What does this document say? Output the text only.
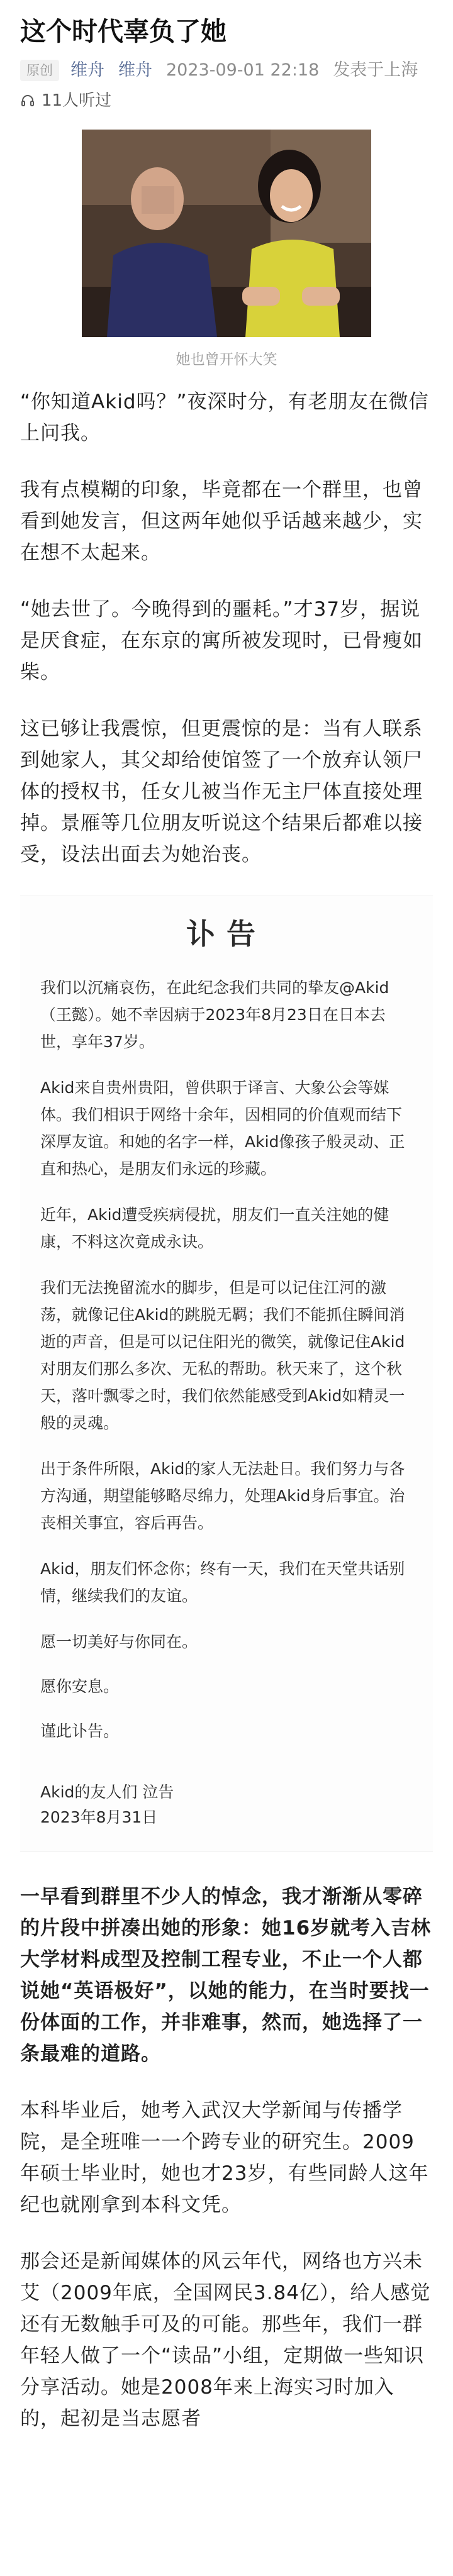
这个时代辜负了她
原创	维舟 维舟 2023-09-01 22:18 发表于上海
11人听过
她也曾开怀大笑

“你知道Akid吗？”夜深时分，有老朋友在微信上问我。

我有点模糊的印象，毕竟都在一个群里，也曾看到她发言，但这两年她似乎话越来越少，实在想不太起来。

“她去世了。今晚得到的噩耗。”才37岁，据说是厌食症，在东京的寓所被发现时，已骨瘦如柴。

这已够让我震惊，但更震惊的是：当有人联系到她家人，其父却给使馆签了一个放弃认领尸体的授权书，任女儿被当作无主尸体直接处理掉。景雁等几位朋友听说这个结果后都难以接受，设法出面去为她治丧。

讣告

我们以沉痛哀伤，在此纪念我们共同的挚友@Akid（王懿）。她不幸因病于2023年8月23日在日本去世，享年37岁。

Akid来自贵州贵阳，曾供职于译言、大象公会等媒体。我们相识于网络十余年，因相同的价值观而结下深厚友谊。和她的名字一样，Akid像孩子般灵动、正直和热心，是朋友们永远的珍藏。

近年，Akid遭受疾病侵扰，朋友们一直关注她的健康，不料这次竟成永诀。

我们无法挽留流水的脚步，但是可以记住江河的激荡，就像记住Akid的跳脱无羁；我们不能抓住瞬间消逝的声音，但是可以记住阳光的微笑，就像记住Akid对朋友们那么多次、无私的帮助。秋天来了，这个秋天，落叶飘零之时，我们依然能感受到Akid如精灵一般的灵魂。

出于条件所限，Akid的家人无法赴日。我们努力与各方沟通，期望能够略尽绵力，处理Akid身后事宜。治丧相关事宜，容后再告。

Akid，朋友们怀念你；终有一天，我们在天堂共话别情，继续我们的友谊。

愿一切美好与你同在。

愿你安息。

谨此讣告。

Akid的友人们 泣告
2023年8月31日

一早看到群里不少人的悼念，我才渐渐从零碎的片段中拼凑出她的形象：她16岁就考入吉林大学材料成型及控制工程专业，不止一个人都说她“英语极好”，以她的能力，在当时要找一份体面的工作，并非难事，然而，她选择了一条最难的道路。

本科毕业后，她考入武汉大学新闻与传播学院，是全班唯一一个跨专业的研究生。2009年硕士毕业时，她也才23岁，有些同龄人这年纪也就刚拿到本科文凭。

那会还是新闻媒体的风云年代，网络也方兴未艾（2009年底，全国网民3.84亿），给人感觉还有无数触手可及的可能。那些年，我们一群年轻人做了一个“读品”小组，定期做一些知识分享活动。她是2008年来上海实习时加入的，起初是当志愿者
